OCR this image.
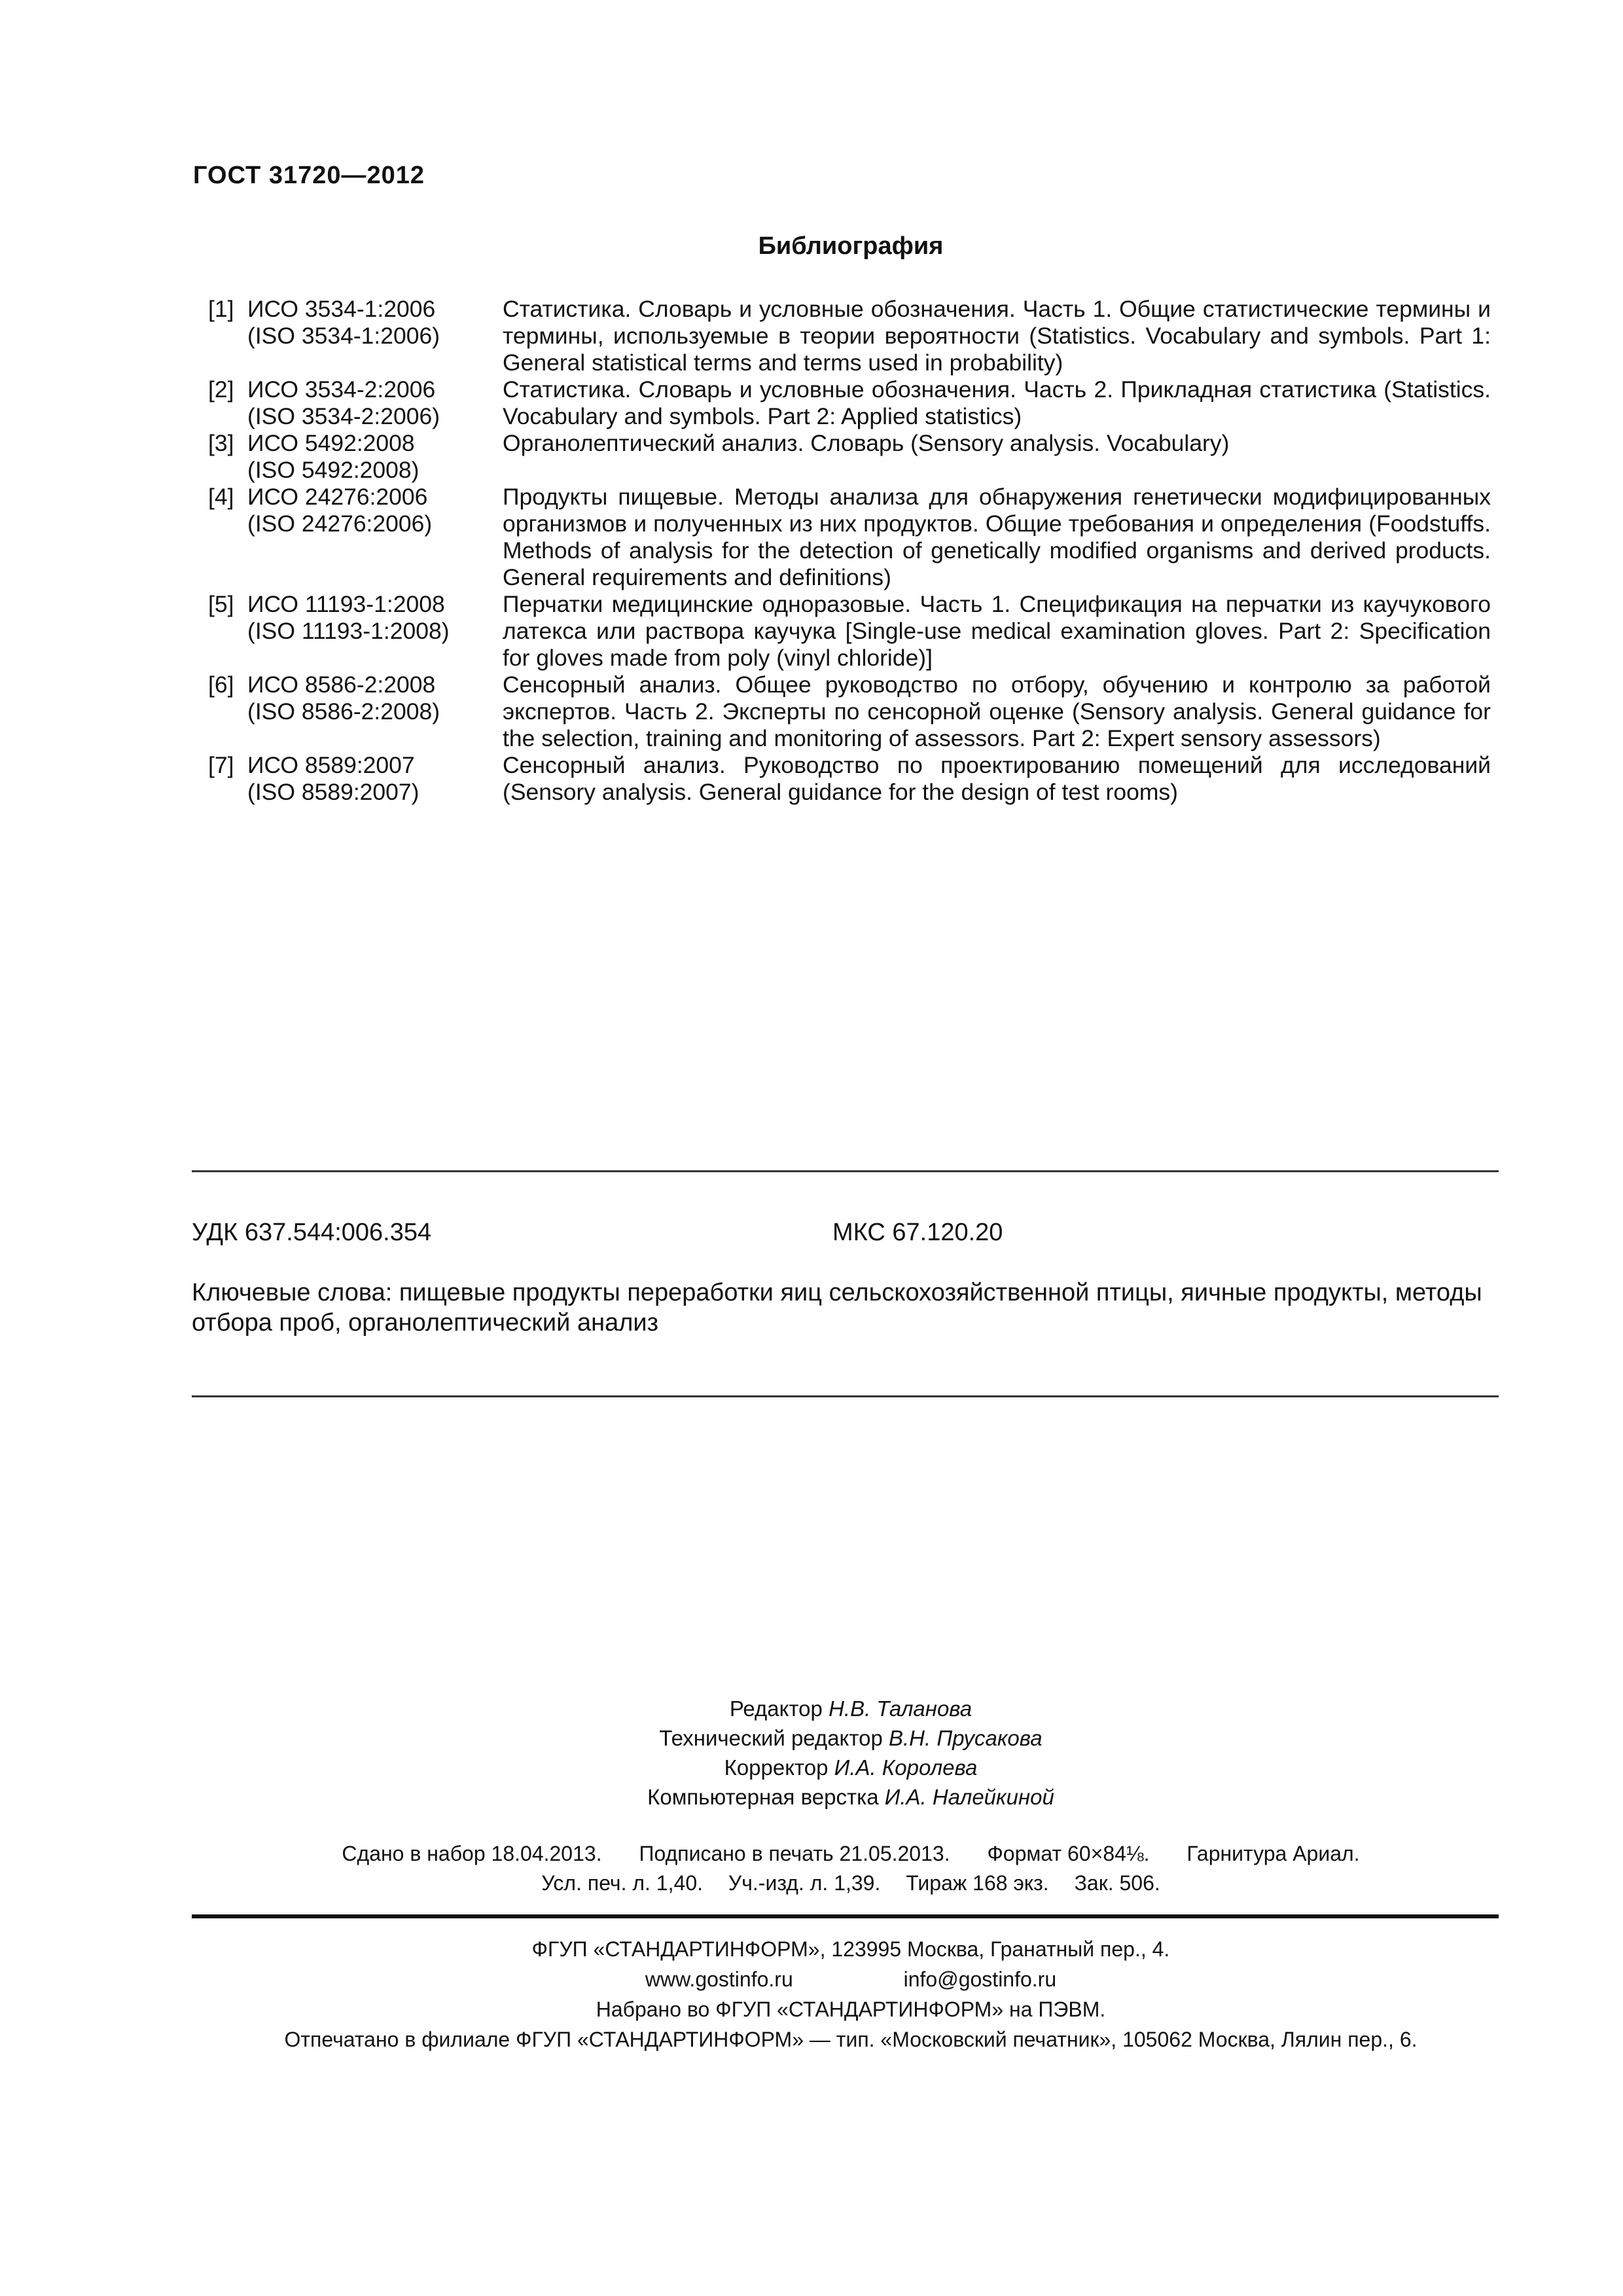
ГОСТ 31720—2012
Библиография
[1] ИСО 3534-1:2006
(ISO 3534-1:2006)
Статистика. Словарь и условные обозначения. Часть 1. Общие статистические термины и термины, используемые в теории вероятности (Statistics. Vocabulary and symbols. Part 1: General statistical terms and terms used in probability)
[2] ИСО 3534-2:2006
(ISO 3534-2:2006)
Статистика. Словарь и условные обозначения. Часть 2. Прикладная статистика (Statistics. Vocabulary and symbols. Part 2: Applied statistics)
[3] ИСО 5492:2008
(ISO 5492:2008)
Органолептический анализ. Словарь (Sensory analysis. Vocabulary)
[4] ИСО 24276:2006
(ISO 24276:2006)
Продукты пищевые. Методы анализа для обнаружения генетически модифицированных организмов и полученных из них продуктов. Общие требования и определения (Foodstuffs. Methods of analysis for the detection of genetically modified organisms and derived products. General requirements and definitions)
[5] ИСО 11193-1:2008
(ISO 11193-1:2008)
Перчатки медицинские одноразовые. Часть 1. Спецификация на перчатки из каучукового латекса или раствора каучука [Single-use medical examination gloves. Part 2: Specification for gloves made from poly (vinyl chloride)]
[6] ИСО 8586-2:2008
(ISO 8586-2:2008)
Сенсорный анализ. Общее руководство по отбору, обучению и контролю за работой экспертов. Часть 2. Эксперты по сенсорной оценке (Sensory analysis. General guidance for the selection, training and monitoring of assessors. Part 2: Expert sensory assessors)
[7] ИСО 8589:2007
(ISO 8589:2007)
Сенсорный анализ. Руководство по проектированию помещений для исследований (Sensory analysis. General guidance for the design of test rooms)
УДК 637.544:006.354	МКС 67.120.20
Ключевые слова: пищевые продукты переработки яиц сельскохозяйственной птицы, яичные продукты, методы отбора проб, органолептический анализ
Редактор Н.В. Таланова
Технический редактор В.Н. Прусакова
Корректор И.А. Королева
Компьютерная верстка И.А. Налейкиной
Сдано в набор 18.04.2013. Подписано в печать 21.05.2013. Формат 60×84⅛. Гарнитура Ариал.
Усл. печ. л. 1,40. Уч.-изд. л. 1,39. Тираж 168 экз. Зак. 506.
ФГУП «СТАНДАРТИНФОРМ», 123995 Москва, Гранатный пер., 4.
www.gostinfo.ru	info@gostinfo.ru
Набрано во ФГУП «СТАНДАРТИНФОРМ» на ПЭВМ.
Отпечатано в филиале ФГУП «СТАНДАРТИНФОРМ» — тип. «Московский печатник», 105062 Москва, Лялин пер., 6.
